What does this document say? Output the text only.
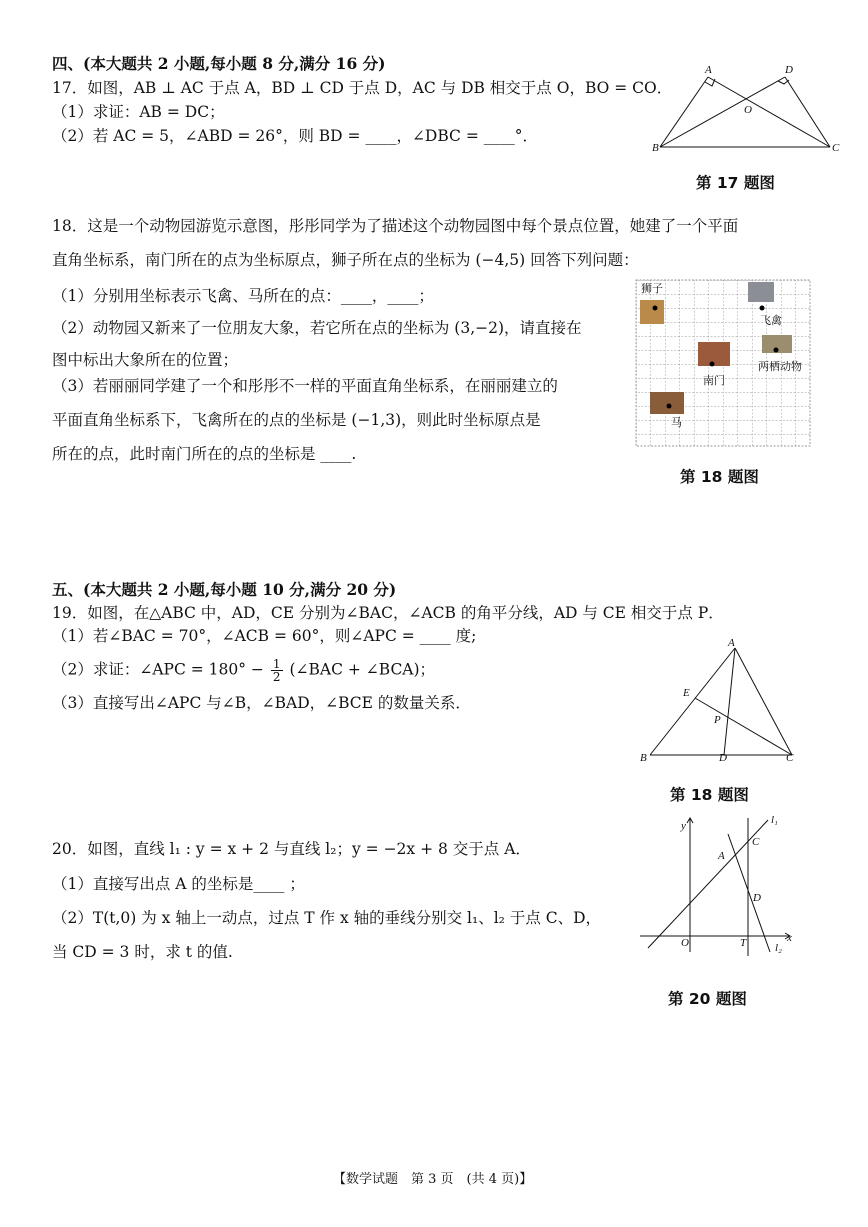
四、(本大题共 2 小题,每小题 8 分,满分 16 分)
17．如图，AB ⊥ AC 于点 A，BD ⊥ CD 于点 D，AC 与 DB 相交于点 O，BO = CO．
（1）求证：AB = DC；
（2）若 AC = 5，∠ABD = 26°，则 BD = ____，∠DBC = ____°．
A	D
O
B	C
第 17 题图
18．这是一个动物园游览示意图，彤彤同学为了描述这个动物园图中每个景点位置，她建了一个平面
直角坐标系，南门所在的点为坐标原点，狮子所在点的坐标为 (−4,5) 回答下列问题：
（1）分别用坐标表示飞禽、马所在的点：____，____；
（2）动物园又新来了一位朋友大象，若它所在点的坐标为 (3,−2)，请直接在
图中标出大象所在的位置；
（3）若丽丽同学建了一个和彤彤不一样的平面直角坐标系，在丽丽建立的
平面直角坐标系下，飞禽所在的点的坐标是 (−1,3)，则此时坐标原点是
所在的点，此时南门所在的点的坐标是 ____.
狮子
飞禽
南门
两栖动物
马
第 18 题图
五、(本大题共 2 小题,每小题 10 分,满分 20 分)
19．如图，在△ABC 中，AD，CE 分别为∠BAC，∠ACB 的角平分线，AD 与 CE 相交于点 P．
（1）若∠BAC = 70°，∠ACB = 60°，则∠APC = ____ 度;
（2）求证：∠APC = $180^\circ - \frac{1}{2}$ (∠BAC + ∠BCA)；
（3）直接写出∠APC 与∠B，∠BAD，∠BCE 的数量关系．
A
E
P
B	D	C
第 18 题图
20．如图，直线 l₁ : y = x + 2 与直线 l₂；y = −2x + 8 交于点 A．
（1）直接写出点 A 的坐标是____ ；
（2）T(t,0) 为 x 轴上一动点，过点 T 作 x 轴的垂线分别交 l₁、l₂ 于点 C、D，
当 CD = 3 时，求 t 的值.
y
x
O	T
A
C
D
l₁
l₂
第 20 题图
【数学试题　第 3 页　(共 4 页)】
